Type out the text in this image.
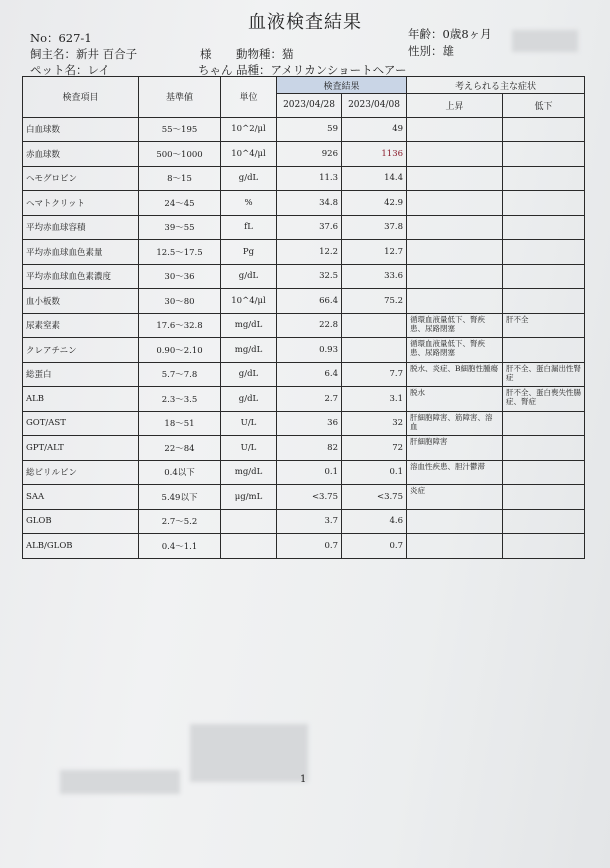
血液検査結果
No：627-1	年齢：0歳8ヶ月
飼主名：新井 百合子	様 動物種：猫	性別：雄
ペット名：レイ	ちゃん 品種：アメリカンショートヘアー
検査項目	基準値	単位	検査結果		考えられる主な症状	
			2023/04/28	2023/04/08	上昇	低下
白血球数	55〜195	10^2/μl	59	49		
赤血球数	500〜1000	10^4/μl	926	1136		
ヘモグロビン	8〜15	g/dL	11.3	14.4		
ヘマトクリット	24〜45	%	34.8	42.9		
平均赤血球容積	39〜55	fL	37.6	37.8		
平均赤血球血色素量	12.5〜17.5	Pg	12.2	12.7		
平均赤血球血色素濃度	30〜36	g/dL	32.5	33.6		
血小板数	30〜80	10^4/μl	66.4	75.2		
尿素窒素	17.6〜32.8	mg/dL	22.8		循環血液量低下、腎疾患、尿路閉塞	肝不全
クレアチニン	0.90〜2.10	mg/dL	0.93		循環血液量低下、腎疾患、尿路閉塞	
総蛋白	5.7〜7.8	g/dL	6.4	7.7	脱水、炎症、B細胞性腫瘍	肝不全、蛋白漏出性腎症
ALB	2.3〜3.5	g/dL	2.7	3.1	脱水	肝不全、蛋白喪失性腸症、腎症
GOT/AST	18〜51	U/L	36	32	肝細胞障害、筋障害、溶血	
GPT/ALT	22〜84	U/L	82	72	肝細胞障害	
総ビリルビン	0.4以下	mg/dL	0.1	0.1	溶血性疾患、胆汁鬱滞	
SAA	5.49以下	μg/mL	<3.75	<3.75	炎症	
GLOB	2.7〜5.2		3.7	4.6		
ALB/GLOB	0.4〜1.1		0.7	0.7		
1
